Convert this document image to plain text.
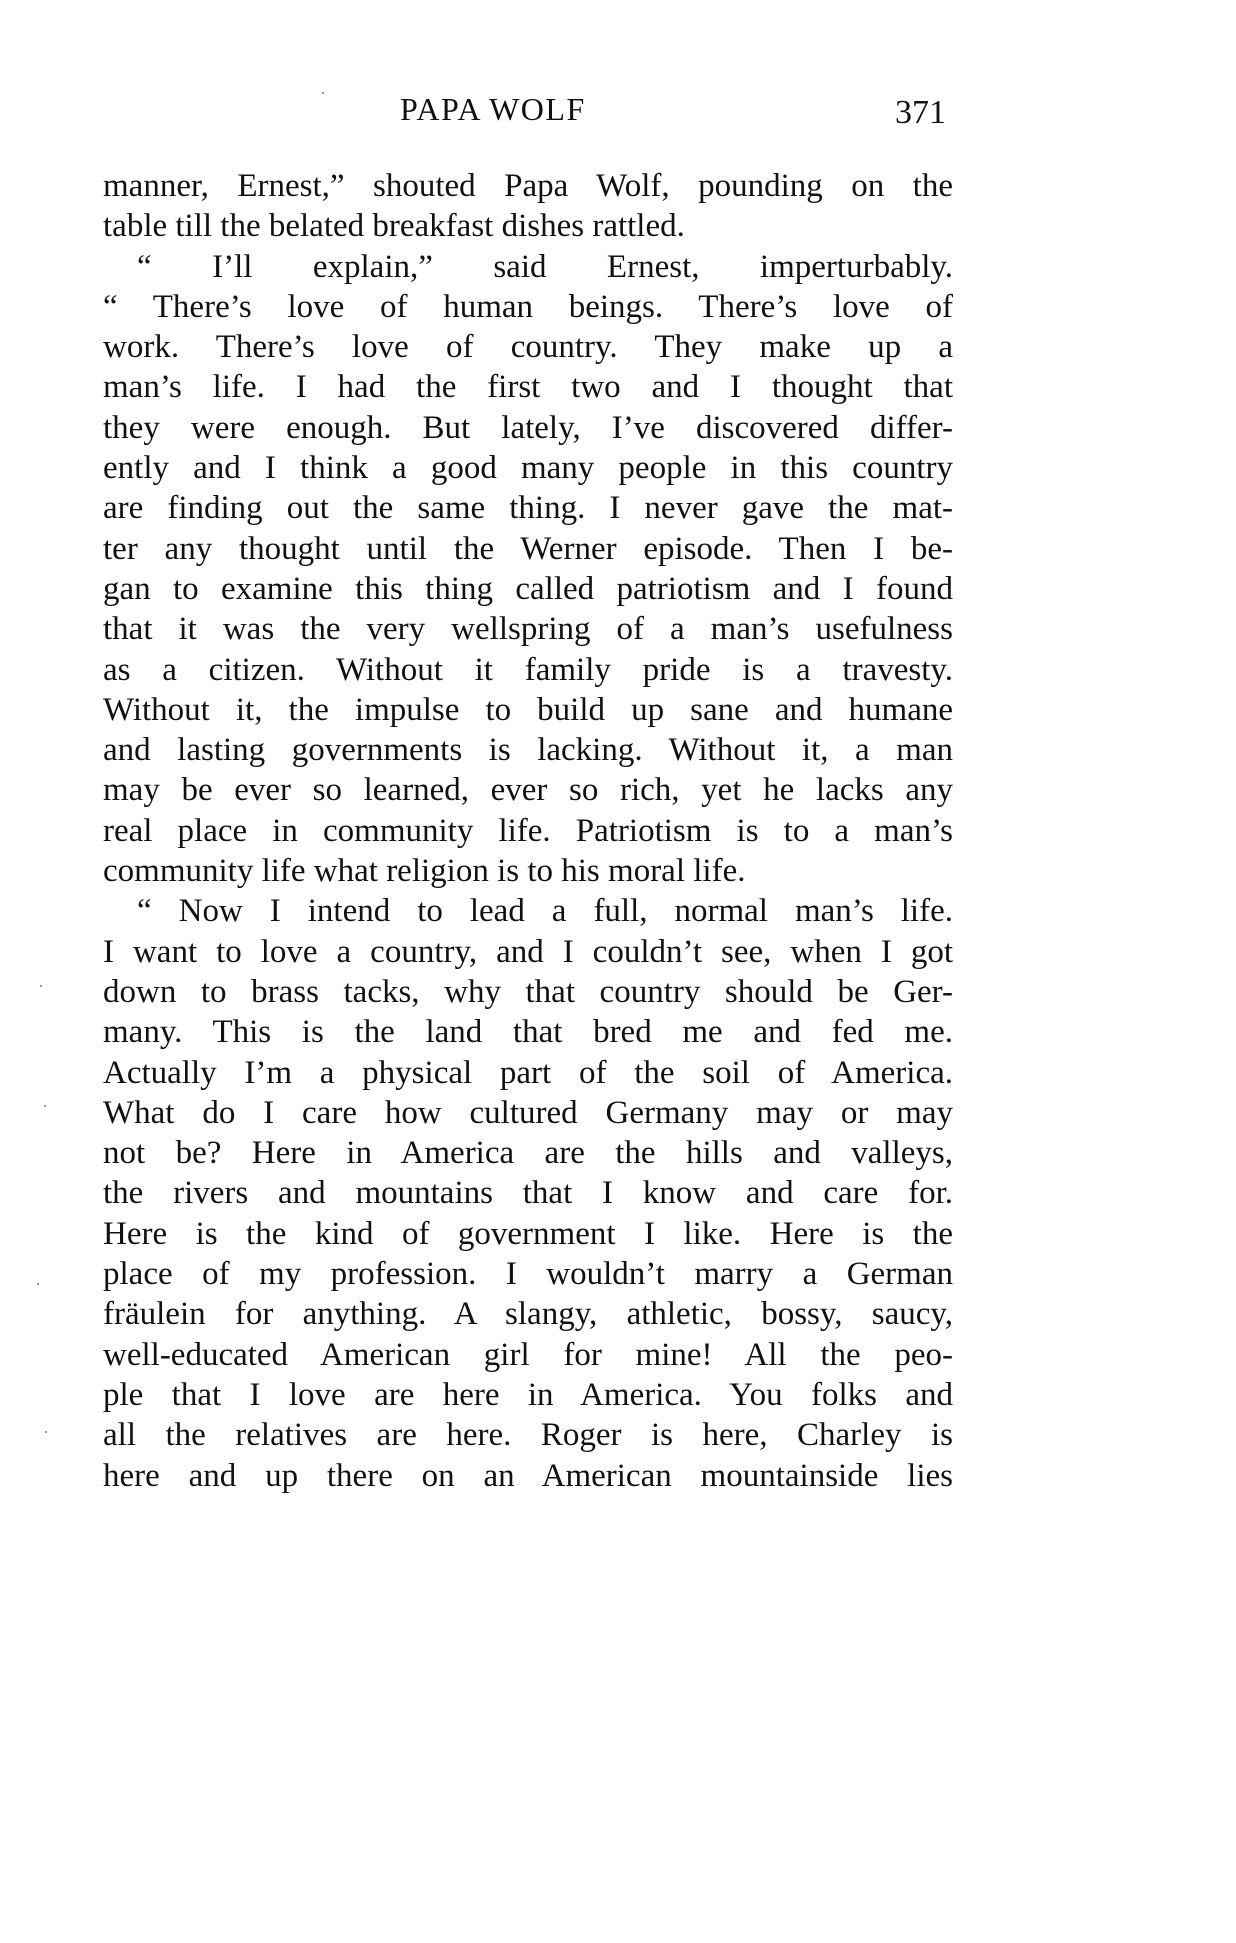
PAPA WOLF	371
manner, Ernest,” shouted Papa Wolf, pounding on the
table till the belated breakfast dishes rattled.
“ I’ll explain,” said Ernest, imperturbably.
“ There’s love of human beings. There’s love of
work. There’s love of country. They make up a
man’s life. I had the first two and I thought that
they were enough. But lately, I’ve discovered differ-
ently and I think a good many people in this country
are finding out the same thing. I never gave the mat-
ter any thought until the Werner episode. Then I be-
gan to examine this thing called patriotism and I found
that it was the very wellspring of a man’s usefulness
as a citizen. Without it family pride is a travesty.
Without it, the impulse to build up sane and humane
and lasting governments is lacking. Without it, a man
may be ever so learned, ever so rich, yet he lacks any
real place in community life. Patriotism is to a man’s
community life what religion is to his moral life.
“ Now I intend to lead a full, normal man’s life.
I want to love a country, and I couldn’t see, when I got
down to brass tacks, why that country should be Ger-
many. This is the land that bred me and fed me.
Actually I’m a physical part of the soil of America.
What do I care how cultured Germany may or may
not be? Here in America are the hills and valleys,
the rivers and mountains that I know and care for.
Here is the kind of government I like. Here is the
place of my profession. I wouldn’t marry a German
fräulein for anything. A slangy, athletic, bossy, saucy,
well-educated American girl for mine! All the peo-
ple that I love are here in America. You folks and
all the relatives are here. Roger is here, Charley is
here and up there on an American mountainside lies
